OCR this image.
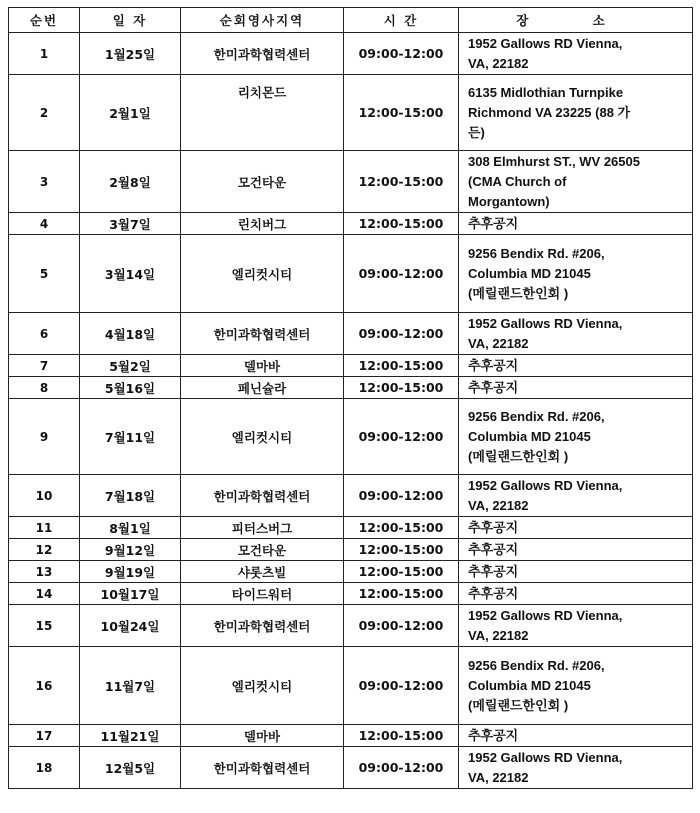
순번	일 자	순회영사지역	시 간	장 소
1	1월25일	한미과학협력센터	09:00-12:00	1952 Gallows RD Vienna,
VA, 22182
2	2월1일	리치몬드	12:00-15:00	6135 Midlothian Turnpike
Richmond VA 23225 (88 가
든)
3	2월8일	모건타운	12:00-15:00	308 Elmhurst ST., WV 26505
(CMA Church of
Morgantown)
4	3월7일	린치버그	12:00-15:00	추후공지
5	3월14일	엘리컷시티	09:00-12:00	9256 Bendix Rd. #206,
Columbia MD 21045
(메릴랜드한인회 )
6	4월18일	한미과학협력센터	09:00-12:00	1952 Gallows RD Vienna,
VA, 22182
7	5월2일	델마바	12:00-15:00	추후공지
8	5월16일	페닌슐라	12:00-15:00	추후공지
9	7월11일	엘리컷시티	09:00-12:00	9256 Bendix Rd. #206,
Columbia MD 21045
(메릴랜드한인회 )
10	7월18일	한미과학협력센터	09:00-12:00	1952 Gallows RD Vienna,
VA, 22182
11	8월1일	피터스버그	12:00-15:00	추후공지
12	9월12일	모건타운	12:00-15:00	추후공지
13	9월19일	샤롯츠빌	12:00-15:00	추후공지
14	10월17일	타이드워터	12:00-15:00	추후공지
15	10월24일	한미과학협력센터	09:00-12:00	1952 Gallows RD Vienna,
VA, 22182
16	11월7일	엘리컷시티	09:00-12:00	9256 Bendix Rd. #206,
Columbia MD 21045
(메릴랜드한인회 )
17	11월21일	델마바	12:00-15:00	추후공지
18	12월5일	한미과학협력센터	09:00-12:00	1952 Gallows RD Vienna,
VA, 22182
